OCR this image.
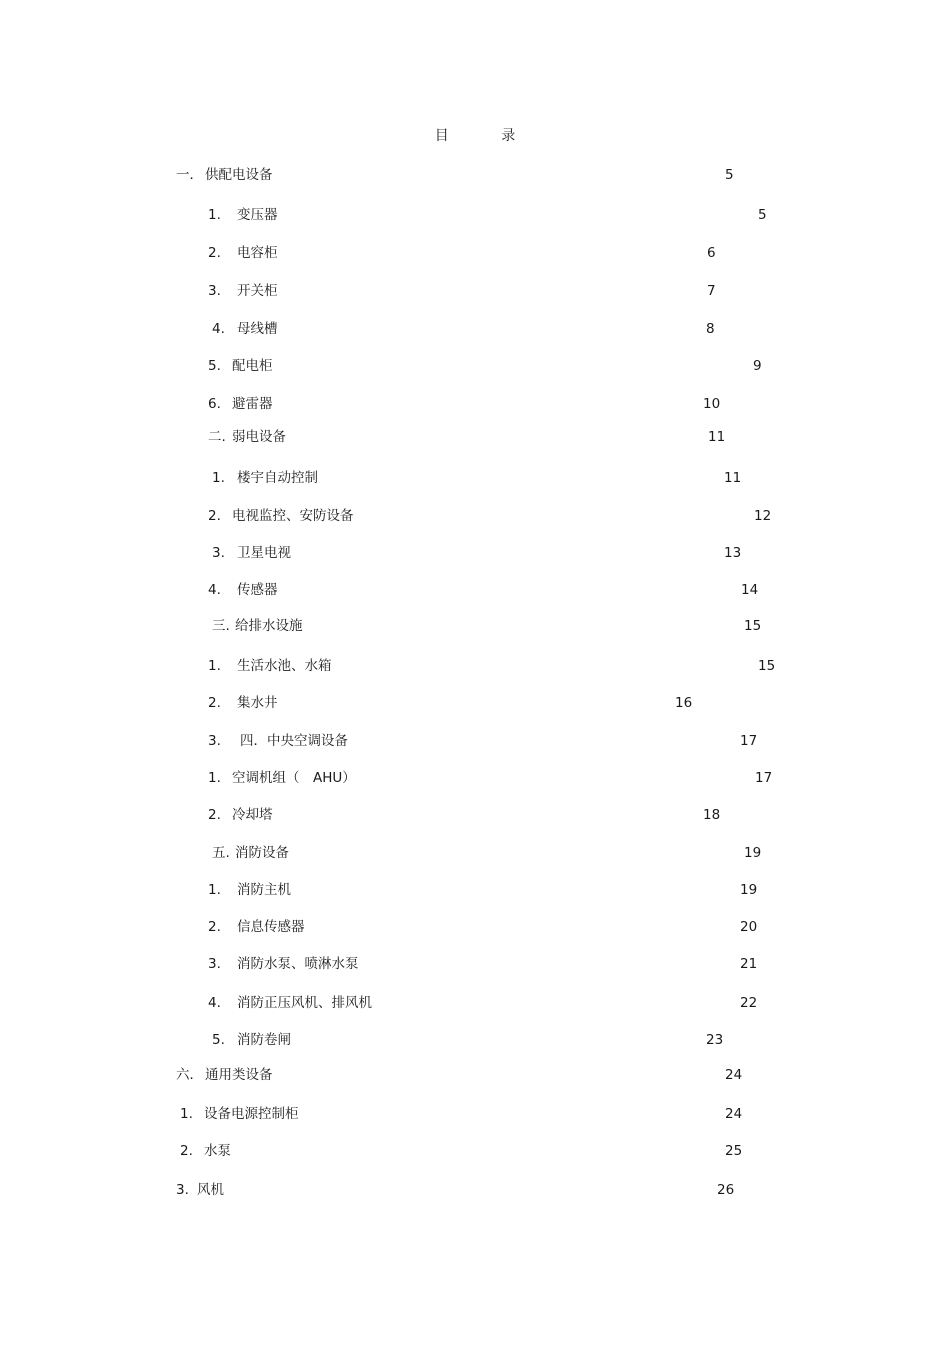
目 录
一． 供配电设备	5
1. 变压器	5
2. 电容柜	6
3. 开关柜	7
4. 母线槽	8
5. 配电柜	9
6. 避雷器	10
二. 弱电设备	11
1. 楼宇自动控制	11
2. 电视监控、安防设备	12
3. 卫星电视	13
4. 传感器	14
三. 给排水设施	15
1. 生活水池、水箱	15
2. 集水井	16
3. 四．中央空调设备	17
1. 空调机组（　AHU）	17
2. 冷却塔	18
五. 消防设备	19
1. 消防主机	19
2. 信息传感器	20
3. 消防水泵、喷淋水泵	21
4. 消防正压风机、排风机	22
5. 消防卷闸	23
六． 通用类设备	24
1. 设备电源控制柜	24
2. 水泵	25
3. 风机	26
